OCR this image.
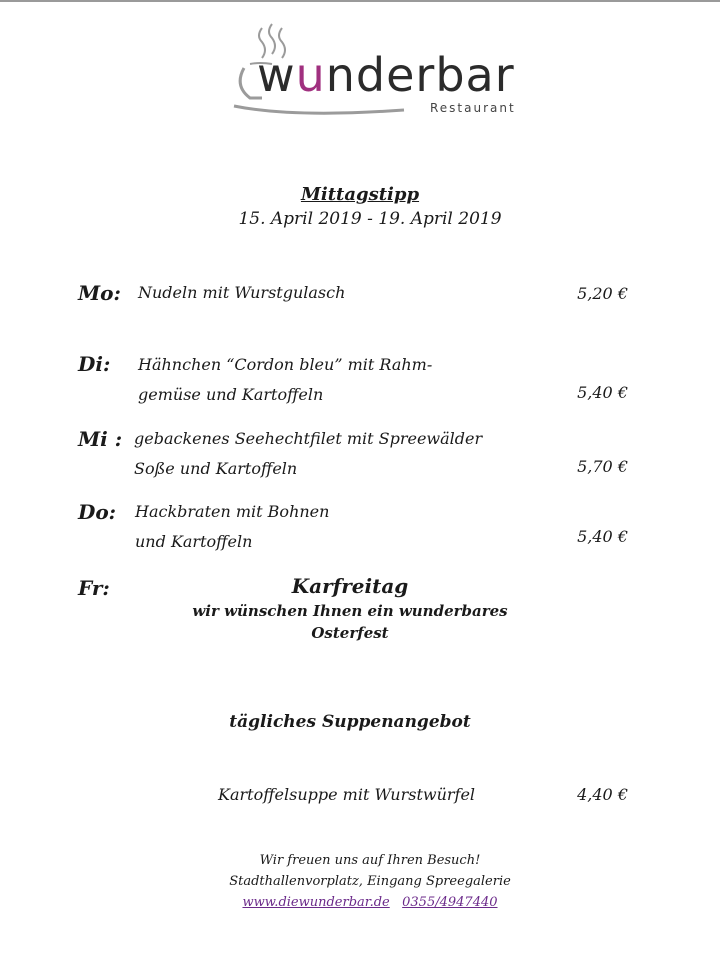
wunderbar
Restaurant
Mittagstipp
15. April 2019 - 19. April 2019
Mo: Nudeln mit Wurstgulasch	5,20 €
Di: Hähnchen “Cordon bleu” mit Rahm-
gemüse und Kartoffeln	5,40 €
Mi : gebackenes Seehechtfilet mit Spreewälder
Soße und Kartoffeln	5,70 €
Do: Hackbraten mit Bohnen
und Kartoffeln	5,40 €
Fr:	Karfreitag
wir wünschen Ihnen ein wunderbares
Osterfest
tägliches Suppenangebot
Kartoffelsuppe mit Wurstwürfel	4,40 €
Wir freuen uns auf Ihren Besuch!
Stadthallenvorplatz, Eingang Spreegalerie
www.diewunderbar.de 0355/4947440
